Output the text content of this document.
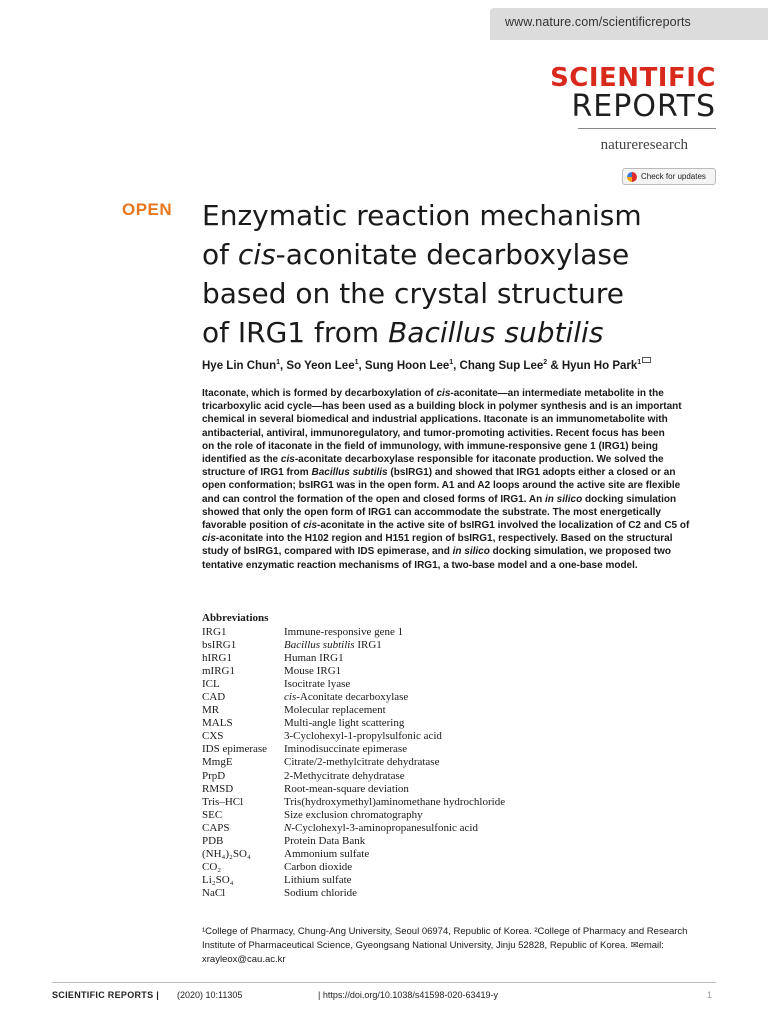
www.nature.com/scientificreports
SCIENTIFIC
REPORTS
natureresearch
Check for updates
OPEN Enzymatic reaction mechanism
of cis-aconitate decarboxylase
based on the crystal structure
of IRG1 from Bacillus subtilis
Hye Lin Chun$^1$, So Yeon Lee$^1$, Sung Hoon Lee$^1$, Chang Sup Lee$^2$ & Hyun Ho Park$^1$
Itaconate, which is formed by decarboxylation of cis-aconitate—an intermediate metabolite in the
tricarboxylic acid cycle—has been used as a building block in polymer synthesis and is an important
chemical in several biomedical and industrial applications. Itaconate is an immunometabolite with
antibacterial, antiviral, immunoregulatory, and tumor-promoting activities. Recent focus has been
on the role of itaconate in the field of immunology, with immune-responsive gene 1 (IRG1) being
identified as the cis-aconitate decarboxylase responsible for itaconate production. We solved the
structure of IRG1 from Bacillus subtilis (bsIRG1) and showed that IRG1 adopts either a closed or an
open conformation; bsIRG1 was in the open form. A1 and A2 loops around the active site are flexible
and can control the formation of the open and closed forms of IRG1. An in silico docking simulation
showed that only the open form of IRG1 can accommodate the substrate. The most energetically
favorable position of cis-aconitate in the active site of bsIRG1 involved the localization of C2 and C5 of
cis-aconitate into the H102 region and H151 region of bsIRG1, respectively. Based on the structural
study of bsIRG1, compared with IDS epimerase, and in silico docking simulation, we proposed two
tentative enzymatic reaction mechanisms of IRG1, a two-base model and a one-base model.
Abbreviations
IRG1	Immune-responsive gene 1
bsIRG1	Bacillus subtilis IRG1
hIRG1	Human IRG1
mIRG1	Mouse IRG1
ICL	Isocitrate lyase
CAD	cis-Aconitate decarboxylase
MR	Molecular replacement
MALS	Multi-angle light scattering
CXS	3-Cyclohexyl-1-propylsulfonic acid
IDS epimerase	Iminodisuccinate epimerase
MmgE	Citrate/2-methylcitrate dehydratase
PrpD	2-Methycitrate dehydratase
RMSD	Root-mean-square deviation
Tris–HCl	Tris(hydroxymethyl)aminomethane hydrochloride
SEC	Size exclusion chromatography
CAPS	N-Cyclohexyl-3-aminopropanesulfonic acid
PDB	Protein Data Bank
(NH₄)₂SO₄	Ammonium sulfate
CO₂	Carbon dioxide
Li₂SO₄	Lithium sulfate
NaCl	Sodium chloride
¹College of Pharmacy, Chung-Ang University, Seoul 06974, Republic of Korea. ²College of Pharmacy and Research
Institute of Pharmaceutical Science, Gyeongsang National University, Jinju 52828, Republic of Korea. ✉email:
xrayleox@cau.ac.kr
SCIENTIFIC REPORTS | (2020) 10:11305	| https://doi.org/10.1038/s41598-020-63419-y	1
